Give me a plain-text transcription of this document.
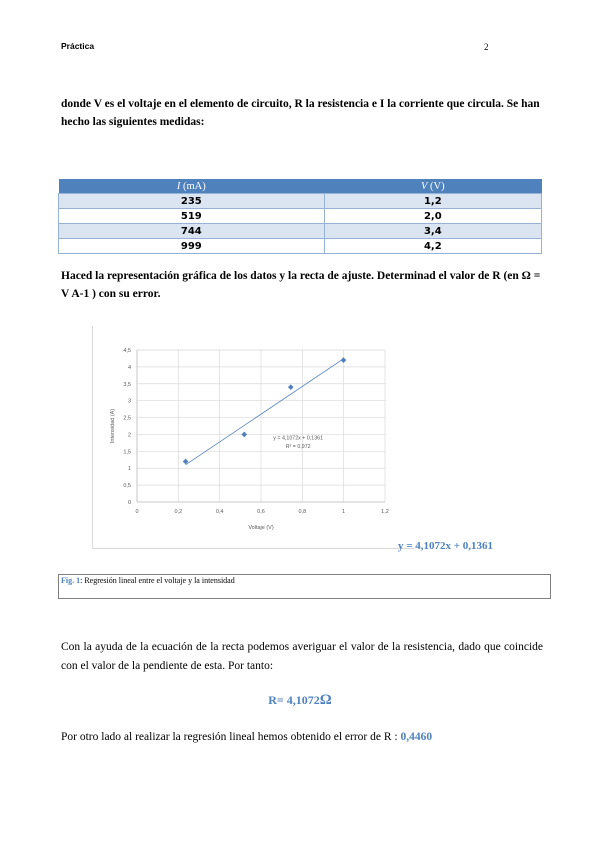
Práctica	2
donde V es el voltaje en el elemento de circuito, R la resistencia e I la corriente que circula. Se han hecho las siguientes medidas:
I (mA)	V (V)
235	1,2
519	2,0
744	3,4
999	4,2
Haced la representación gráfica de los datos y la recta de ajuste. Determinad el valor de R (en Ω = V A-1 ) con su error.
0
0,5
1
1,5
2
2,5
3
3,5
4
4,5
0	0,2	0,4	0,6	0,8	1	1,2
y = 4,1072x + 0,1361
R² = 0,972
Voltaje (V)
Intensidad (A)
y = 4,1072x + 0,1361
Fig. 1: Regresión lineal entre el voltaje y la intensidad
Con la ayuda de la ecuación de la recta podemos averiguar el valor de la resistencia, dado que coincide con el valor de la pendiente de esta. Por tanto:
R= 4,1072Ω
Por otro lado al realizar la regresión lineal hemos obtenido el error de R : 0,4460
